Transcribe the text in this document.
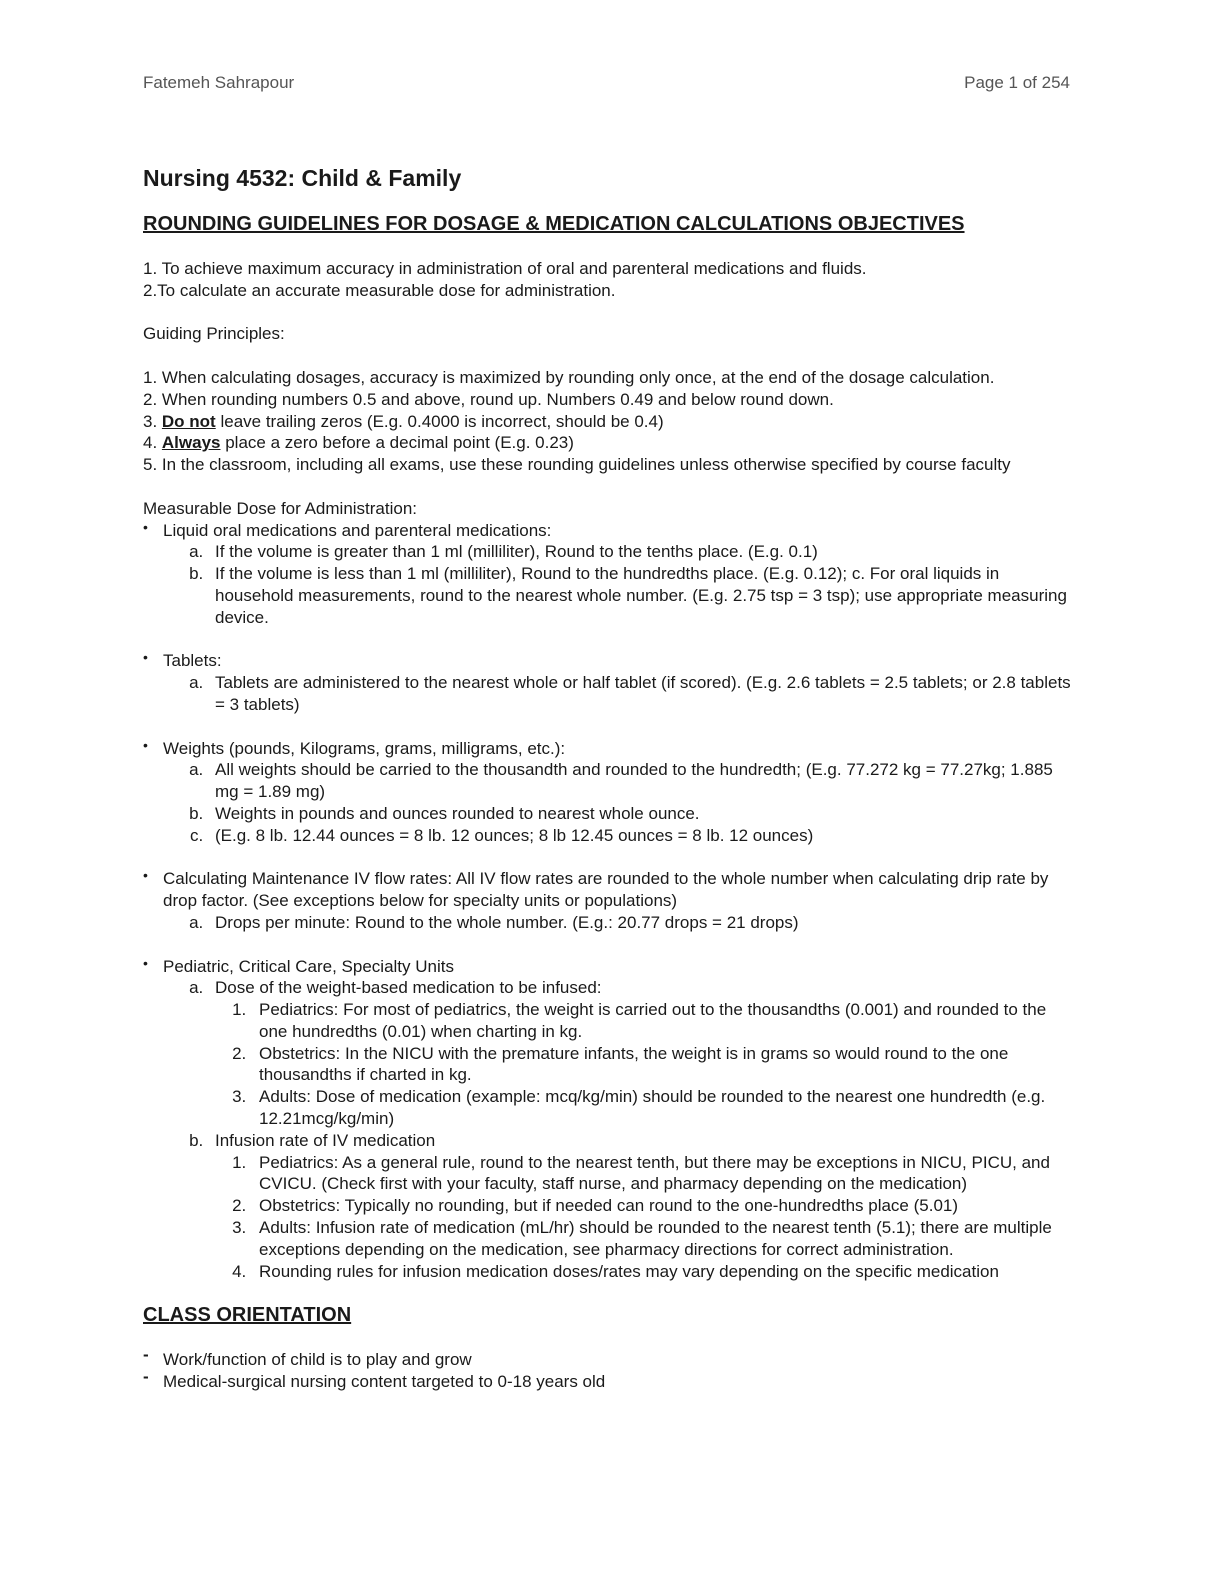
Fatemeh Sahrapour	Page 1 of 254
Nursing 4532: Child & Family
ROUNDING GUIDELINES FOR DOSAGE & MEDICATION CALCULATIONS OBJECTIVES

1. To achieve maximum accuracy in administration of oral and parenteral medications and fluids.

2.To calculate an accurate measurable dose for administration.

Guiding Principles:

1. When calculating dosages, accuracy is maximized by rounding only once, at the end of the dosage calculation.

2. When rounding numbers 0.5 and above, round up. Numbers 0.49 and below round down.

3. Do not leave trailing zeros (E.g. 0.4000 is incorrect, should be 0.4)

4. Always place a zero before a decimal point (E.g. 0.23)

5. In the classroom, including all exams, use these rounding guidelines unless otherwise specified by course faculty

Measurable Dose for Administration:

• Liquid oral medications and parenteral medications:
a. If the volume is greater than 1 ml (milliliter), Round to the tenths place. (E.g. 0.1)
b. If the volume is less than 1 ml (milliliter), Round to the hundredths place. (E.g. 0.12); c. For oral liquids in household measurements, round to the nearest whole number. (E.g. 2.75 tsp = 3 tsp); use appropriate measuring device.
• Tablets:
a. Tablets are administered to the nearest whole or half tablet (if scored). (E.g. 2.6 tablets = 2.5 tablets; or 2.8 tablets = 3 tablets)
• Weights (pounds, Kilograms, grams, milligrams, etc.):
a. All weights should be carried to the thousandth and rounded to the hundredth; (E.g. 77.272 kg = 77.27kg; 1.885 mg = 1.89 mg)
b. Weights in pounds and ounces rounded to nearest whole ounce.
c. (E.g. 8 lb. 12.44 ounces = 8 lb. 12 ounces; 8 lb 12.45 ounces = 8 lb. 12 ounces)
• Calculating Maintenance IV flow rates: All IV flow rates are rounded to the whole number when calculating drip rate by drop factor. (See exceptions below for specialty units or populations)
a. Drops per minute: Round to the whole number. (E.g.: 20.77 drops = 21 drops)
• Pediatric, Critical Care, Specialty Units
a. Dose of the weight-based medication to be infused:
1. Pediatrics: For most of pediatrics, the weight is carried out to the thousandths (0.001) and rounded to the one hundredths (0.01) when charting in kg.
2. Obstetrics: In the NICU with the premature infants, the weight is in grams so would round to the one thousandths if charted in kg.
3. Adults: Dose of medication (example: mcq/kg/min) should be rounded to the nearest one hundredth (e.g. 12.21mcg/kg/min)
b. Infusion rate of IV medication
1. Pediatrics: As a general rule, round to the nearest tenth, but there may be exceptions in NICU, PICU, and CVICU. (Check first with your faculty, staff nurse, and pharmacy depending on the medication)
2. Obstetrics: Typically no rounding, but if needed can round to the one-hundredths place (5.01)
3. Adults: Infusion rate of medication (mL/hr) should be rounded to the nearest tenth (5.1); there are multiple exceptions depending on the medication, see pharmacy directions for correct administration.
4. Rounding rules for infusion medication doses/rates may vary depending on the specific medication
CLASS ORIENTATION
- Work/function of child is to play and grow
- Medical-surgical nursing content targeted to 0-18 years old
